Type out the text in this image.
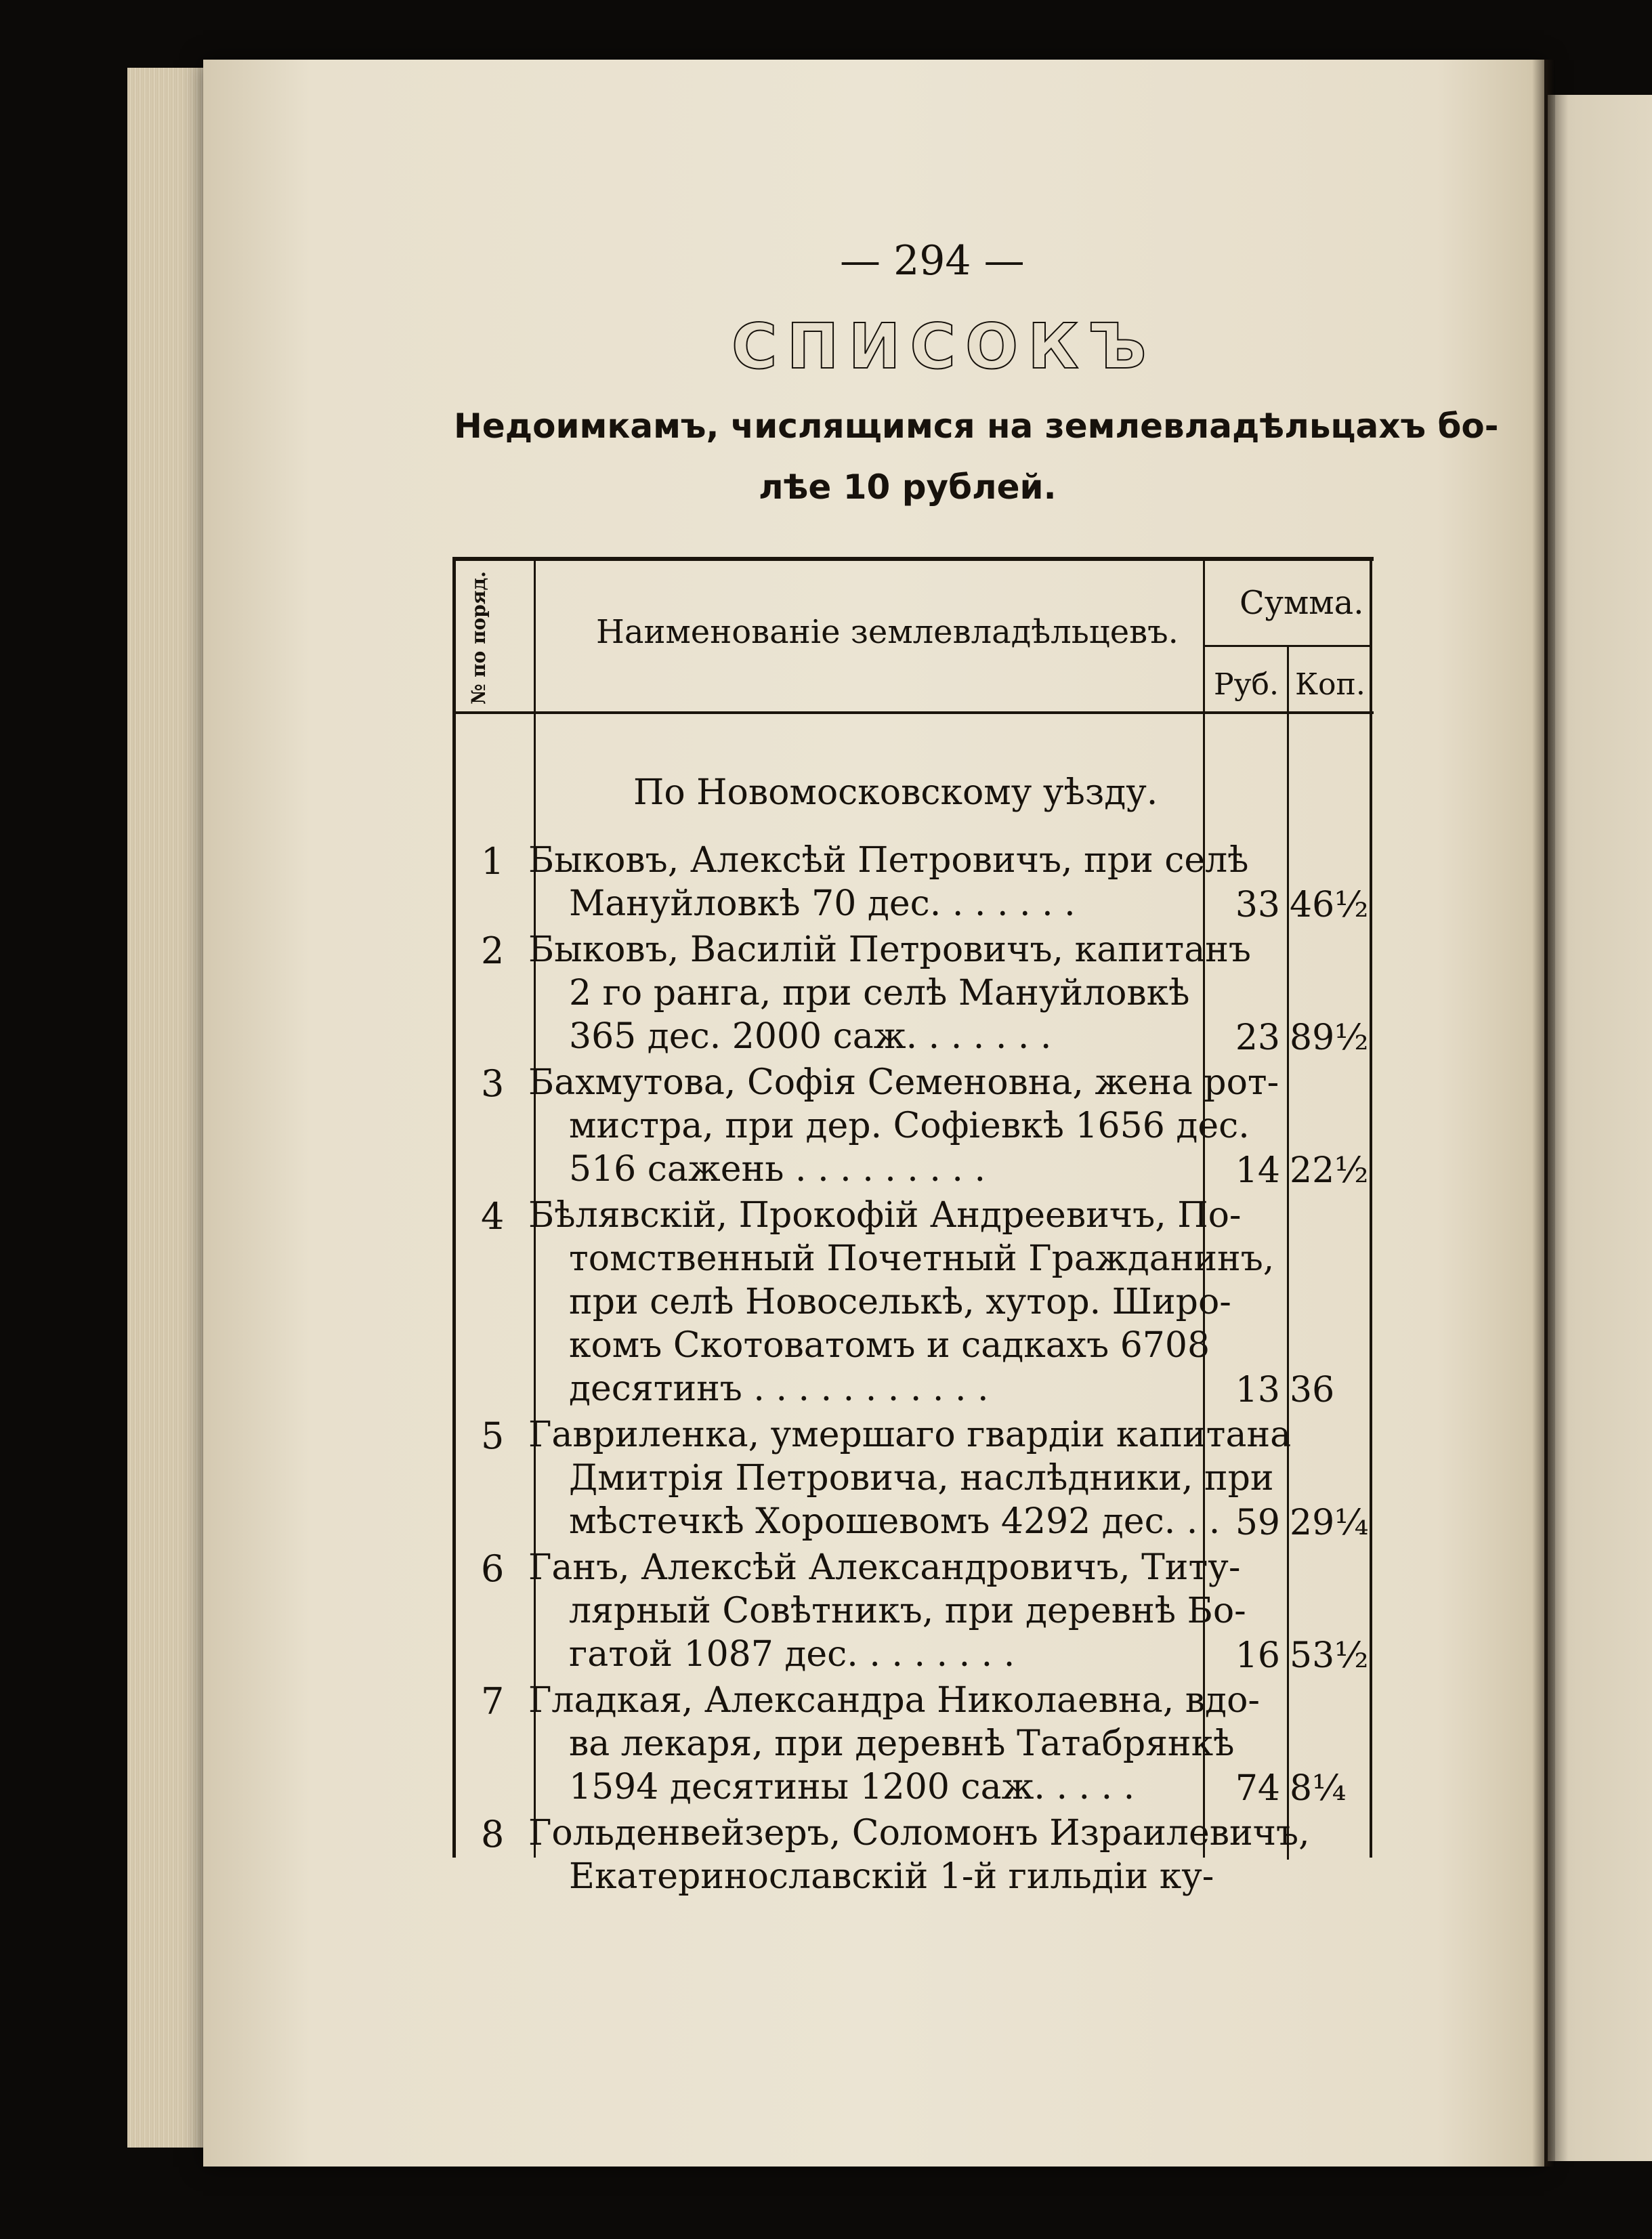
— 294 —
СПИСОКЪ
Недоимкамъ, числящимся на землевладѣльцахъ бо-
лѣе 10 рублей.
№ по поряд.	Наименованіе землевладѣльцевъ.
Сумма.
Руб. Коп.
По Новомосковскому уѣзду.
1 Быковъ, Алексѣй Петровичъ, при селѣ
Мануйловкѣ 70 дес. . . . . . .	33 46½
2 Быковъ, Василій Петровичъ, капитанъ
2 го ранга, при селѣ Мануйловкѣ
365 дес. 2000 саж. . . . . . .	23 89½
3 Бахмутова, Софія Семеновна, жена рот-
мистра, при дер. Софіевкѣ 1656 дес.
516 сажень . . . . . . . . .	14 22½
4 Бѣлявскій, Прокофій Андреевичъ, По-
томственный Почетный Гражданинъ,
при селѣ Новоселькѣ, хутор. Широ-
комъ Скотоватомъ и садкахъ 6708
десятинъ . . . . . . . . . . .	13 36
5 Гавриленка, умершаго гвардіи капитана
Дмитрія Петровича, наслѣдники, при
мѣстечкѣ Хорошевомъ 4292 дес. . . 59 29¼
6 Ганъ, Алексѣй Александровичъ, Титу-
лярный Совѣтникъ, при деревнѣ Бо-
гатой 1087 дес. . . . . . . .	16 53½
7 Гладкая, Александра Николаевна, вдо-
ва лекаря, при деревнѣ Татабрянкѣ
1594 десятины 1200 саж. . . . .	74 8¼
8 Гольденвейзеръ, Соломонъ Израилевичъ,
Екатеринославскій 1-й гильдіи ку-
